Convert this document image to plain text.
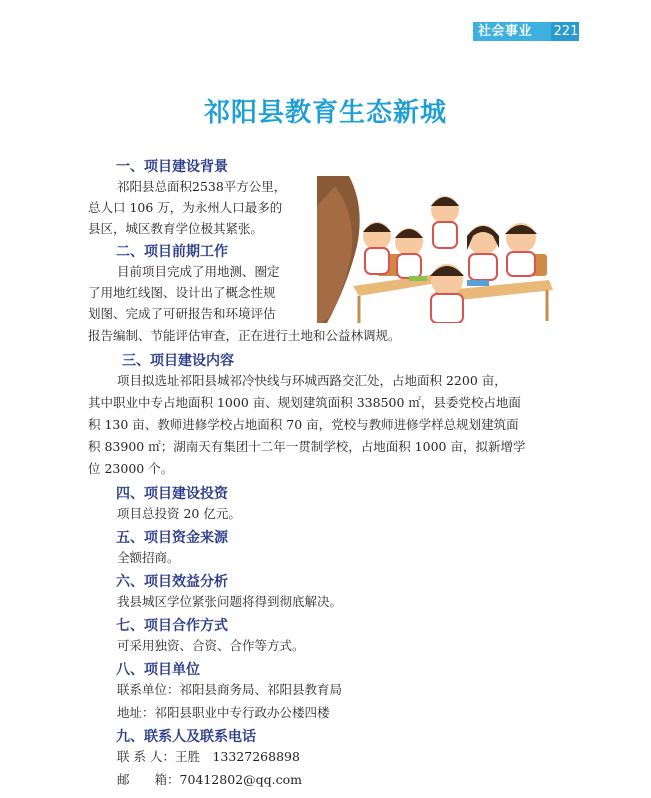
社会事业 221
祁阳县教育生态新城
一、项目建设背景
祁阳县总面积2538平方公里，
总人口 106 万，为永州人口最多的
县区，城区教育学位极其紧张。
二、项目前期工作
目前项目完成了用地测、圈定
了用地红线图、设计出了概念性规
划图、完成了可研报告和环境评估
报告编制、节能评估审查，正在进行土地和公益林调规。
三、项目建设内容
项目拟选址祁阳县城祁冷快线与环城西路交汇处，占地面积 2200 亩，
其中职业中专占地面积 1000 亩、规划建筑面积 338500 ㎡，县委党校占地面
积 130 亩、教师进修学校占地面积 70 亩，党校与教师进修学样总规划建筑面
积 83900 ㎡；湖南天有集团十二年一贯制学校，占地面积 1000 亩，拟新增学
位 23000 个。
四、项目建设投资
项目总投资 20 亿元。
五、项目资金来源
全额招商。
六、项目效益分析
我县城区学位紧张问题将得到彻底解决。
七、项目合作方式
可采用独资、合资、合作等方式。
八、项目单位
联系单位：祁阳县商务局、祁阳县教育局
地址：祁阳县职业中专行政办公楼四楼
九、联系人及联系电话
联 系 人：王胜　13327268898
邮　　箱：70412802@qq.com
